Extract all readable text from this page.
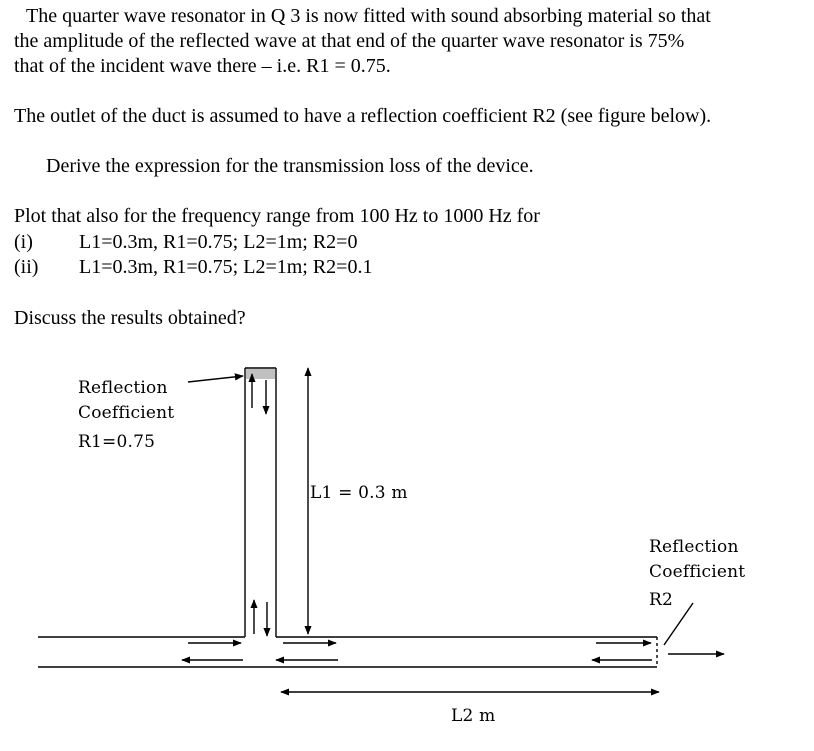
The quarter wave resonator in Q 3 is now fitted with sound absorbing material so that
the amplitude of the reflected wave at that end of the quarter wave resonator is 75%
that of the incident wave there – i.e. R1 = 0.75.
The outlet of the duct is assumed to have a reflection coefficient R2 (see figure below).
Derive the expression for the transmission loss of the device.
Plot that also for the frequency range from 100 Hz to 1000 Hz for
(i) L1=0.3m, R1=0.75; L2=1m; R2=0
(ii) L1=0.3m, R1=0.75; L2=1m; R2=0.1
Discuss the results obtained?
Reflection
Coefficient
R1=0.75
L1 = 0.3 m
Reflection
Coefficient
R2
L2 m
